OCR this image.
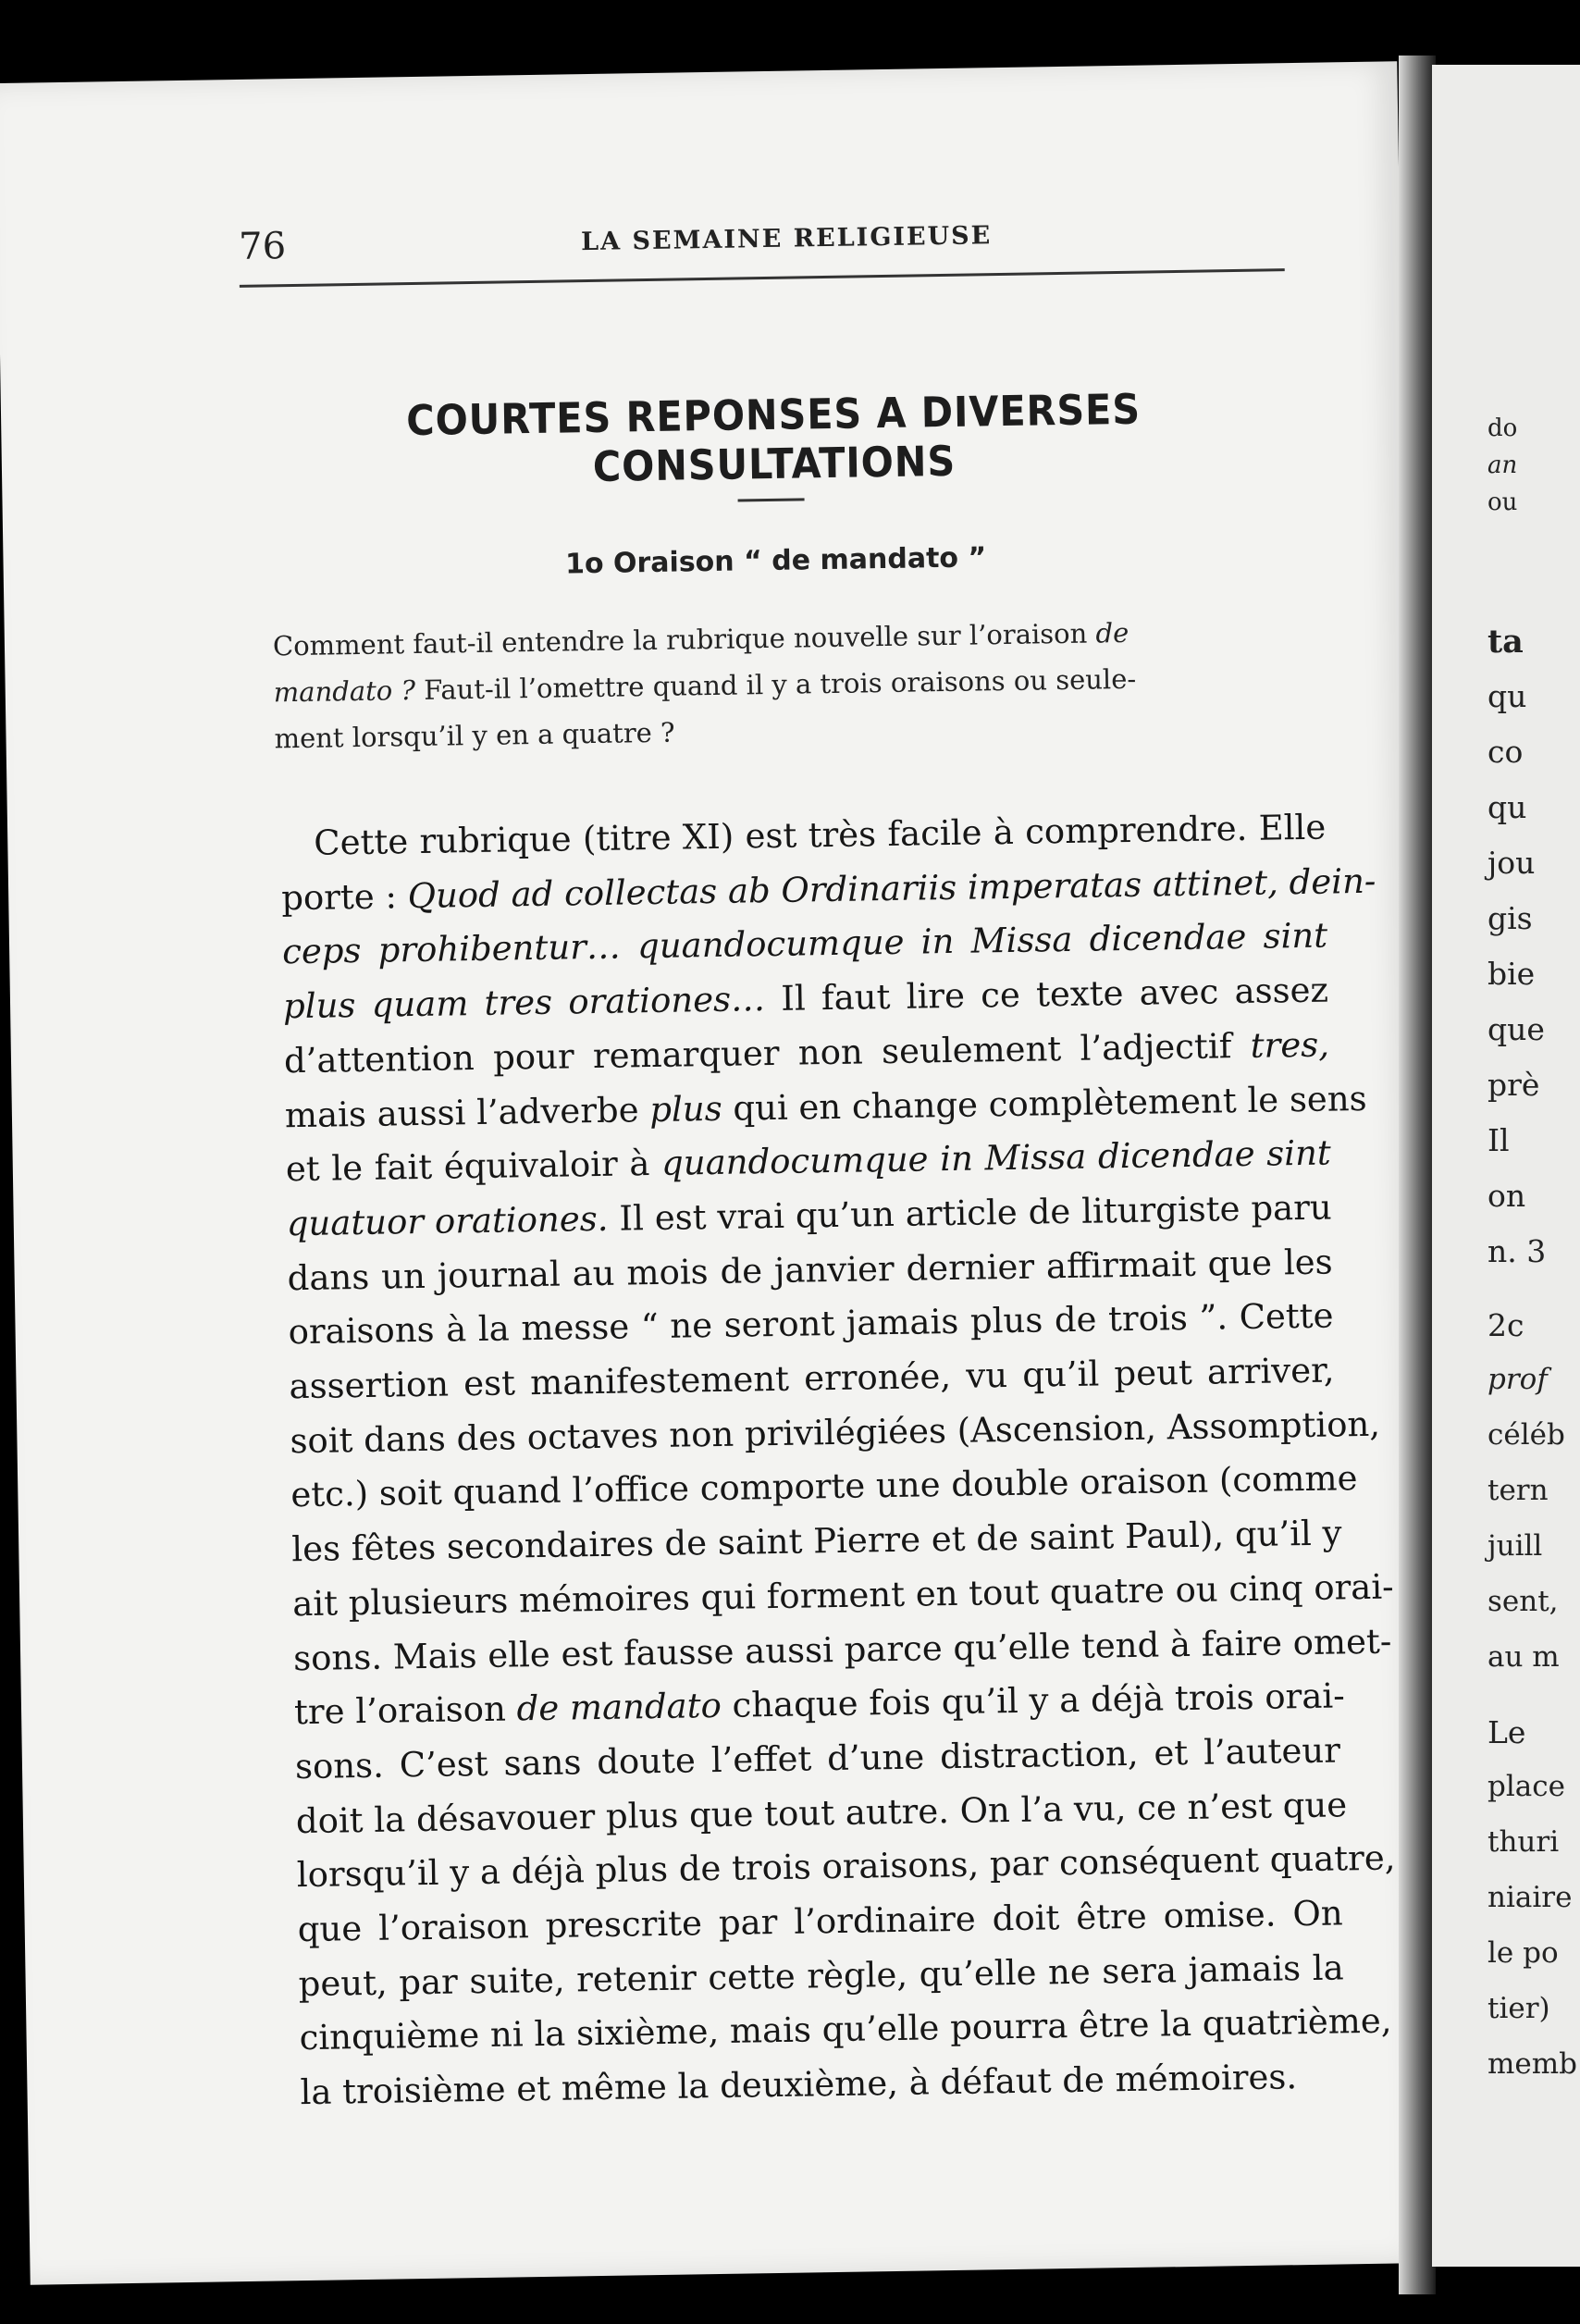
76	LA SEMAINE RELIGIEUSE
COURTES REPONSES A DIVERSES CONSULTATIONS
1o Oraison “ de mandato ”
Comment faut-il entendre la rubrique nouvelle sur l’oraison de
mandato ? Faut-il l’omettre quand il y a trois oraisons ou seule-
ment lorsqu’il y en a quatre ?
Cette rubrique (titre XI) est très facile à comprendre. Elle
porte : Quod ad collectas ab Ordinariis imperatas attinet, dein-
ceps prohibentur… quandocumque in Missa dicendae sint
plus quam tres orationes… Il faut lire ce texte avec assez
d’attention pour remarquer non seulement l’adjectif tres,
mais aussi l’adverbe plus qui en change complètement le sens
et le fait équivaloir à quandocumque in Missa dicendae sint
quatuor orationes. Il est vrai qu’un article de liturgiste paru
dans un journal au mois de janvier dernier affirmait que les
oraisons à la messe “ ne seront jamais plus de trois ”. Cette
assertion est manifestement erronée, vu qu’il peut arriver,
soit dans des octaves non privilégiées (Ascension, Assomption,
etc.) soit quand l’office comporte une double oraison (comme
les fêtes secondaires de saint Pierre et de saint Paul), qu’il y
ait plusieurs mémoires qui forment en tout quatre ou cinq orai-
sons. Mais elle est fausse aussi parce qu’elle tend à faire omet-
tre l’oraison de mandato chaque fois qu’il y a déjà trois orai-
sons. C’est sans doute l’effet d’une distraction, et l’auteur
doit la désavouer plus que tout autre. On l’a vu, ce n’est que
lorsqu’il y a déjà plus de trois oraisons, par conséquent quatre,
que l’oraison prescrite par l’ordinaire doit être omise. On
peut, par suite, retenir cette règle, qu’elle ne sera jamais la
cinquième ni la sixième, mais qu’elle pourra être la quatrième,
la troisième et même la deuxième, à défaut de mémoires.
do
an
ou
ta
qu
co
qu
jou
gis
bie
que
prè
Il
on
n. 3
2c
prof
céléb
tern
juill
sent,
au m
Le
place
thuri
niaire
le po
tier)
memb
